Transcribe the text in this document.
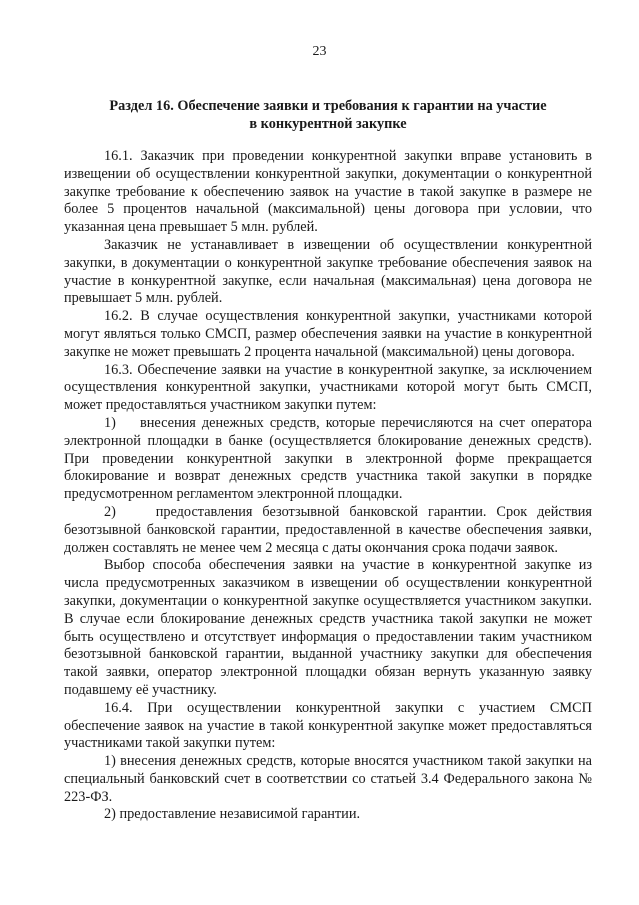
23
Раздел 16. Обеспечение заявки и требования к гарантии на участие
в конкурентной закупке

16.1. Заказчик при проведении конкурентной закупки вправе установить в извещении об осуществлении конкурентной закупки, документации о конкурентной закупке требование к обеспечению заявок на участие в такой закупке в размере не более 5 процентов начальной (максимальной) цены договора при условии, что указанная цена превышает 5 млн. рублей.

Заказчик не устанавливает в извещении об осуществлении конкурентной закупки, в документации о конкурентной закупке требование обеспечения заявок на участие в конкурентной закупке, если начальная (максимальная) цена договора не превышает 5 млн. рублей.

16.2. В случае осуществления конкурентной закупки, участниками которой могут являться только СМСП, размер обеспечения заявки на участие в конкурентной закупке не может превышать 2 процента начальной (максимальной) цены договора.

16.3. Обеспечение заявки на участие в конкурентной закупке, за исключением осуществления конкурентной закупки, участниками которой могут быть СМСП, может предоставляться участником закупки путем:

1)    внесения денежных средств, которые перечисляются на счет оператора электронной площадки в банке (осуществляется блокирование денежных средств). При проведении конкурентной закупки в электронной форме прекращается блокирование и возврат денежных средств участника такой закупки в порядке предусмотренном регламентом электронной площадки.

2)    предоставления безотзывной банковской гарантии. Срок действия безотзывной банковской гарантии, предоставленной в качестве обеспечения заявки, должен составлять не менее чем 2 месяца с даты окончания срока подачи заявок.

Выбор способа обеспечения заявки на участие в конкурентной закупке из числа предусмотренных заказчиком в извещении об осуществлении конкурентной закупки, документации о конкурентной закупке осуществляется участником закупки. В случае если блокирование денежных средств участника такой закупки не может быть осуществлено и отсутствует информация о предоставлении таким участником безотзывной банковской гарантии, выданной участнику закупки для обеспечения такой заявки, оператор электронной площадки обязан вернуть указанную заявку подавшему её участнику.

16.4. При осуществлении конкурентной закупки с участием СМСП обеспечение заявок на участие в такой конкурентной закупке может предоставляться участниками такой закупки путем:

1) внесения денежных средств, которые вносятся участником такой закупки на специальный банковский счет в соответствии со статьей 3.4 Федерального закона № 223-ФЗ.

2) предоставление независимой гарантии.
